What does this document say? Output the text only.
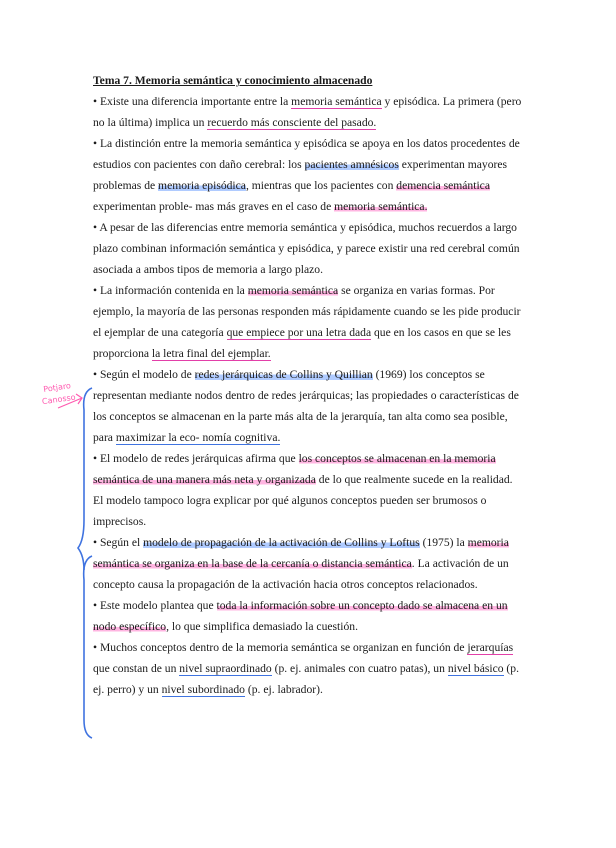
Potjaro
Canosso
Tema 7. Memoria semántica y conocimiento almacenado

• Existe una diferencia importante entre la memoria semántica y episódica. La primera (pero no la última) implica un recuerdo más consciente del pasado.

• La distinción entre la memoria semántica y episódica se apoya en los datos procedentes de estudios con pacientes con daño cerebral: los pacientes amnésicos experimentan mayores problemas de memoria episódica, mientras que los pacientes con demencia semántica experimentan proble- mas más graves en el caso de memoria semántica.

• A pesar de las diferencias entre memoria semántica y episódica, muchos recuerdos a largo plazo combinan información semántica y episódica, y parece existir una red cerebral común asociada a ambos tipos de memoria a largo plazo.

• La información contenida en la memoria semántica se organiza en varias formas. Por ejemplo, la mayoría de las personas responden más rápidamente cuando se les pide producir el ejemplar de una categoría que empiece por una letra dada que en los casos en que se les proporciona la letra final del ejemplar.

• Según el modelo de redes jerárquicas de Collins y Quillian (1969) los conceptos se representan mediante nodos dentro de redes jerárquicas; las propiedades o características de los conceptos se almacenan en la parte más alta de la jerarquía, tan alta como sea posible, para maximizar la eco- nomía cognitiva.

• El modelo de redes jerárquicas afirma que los conceptos se almacenan en la memoria semántica de una manera más neta y organizada de lo que realmente sucede en la realidad. El modelo tampoco logra explicar por qué algunos conceptos pueden ser brumosos o imprecisos.

• Según el modelo de propagación de la activación de Collins y Loftus (1975) la memoria semántica se organiza en la base de la cercanía o distancia semántica. La activación de un concepto causa la propagación de la activación hacia otros conceptos relacionados.

• Este modelo plantea que toda la información sobre un concepto dado se almacena en un nodo específico, lo que simplifica demasiado la cuestión.

• Muchos conceptos dentro de la memoria semántica se organizan en función de jerarquías que constan de un nivel supraordinado (p. ej. animales con cuatro patas), un nivel básico (p. ej. perro) y un nivel subordinado (p. ej. labrador).
